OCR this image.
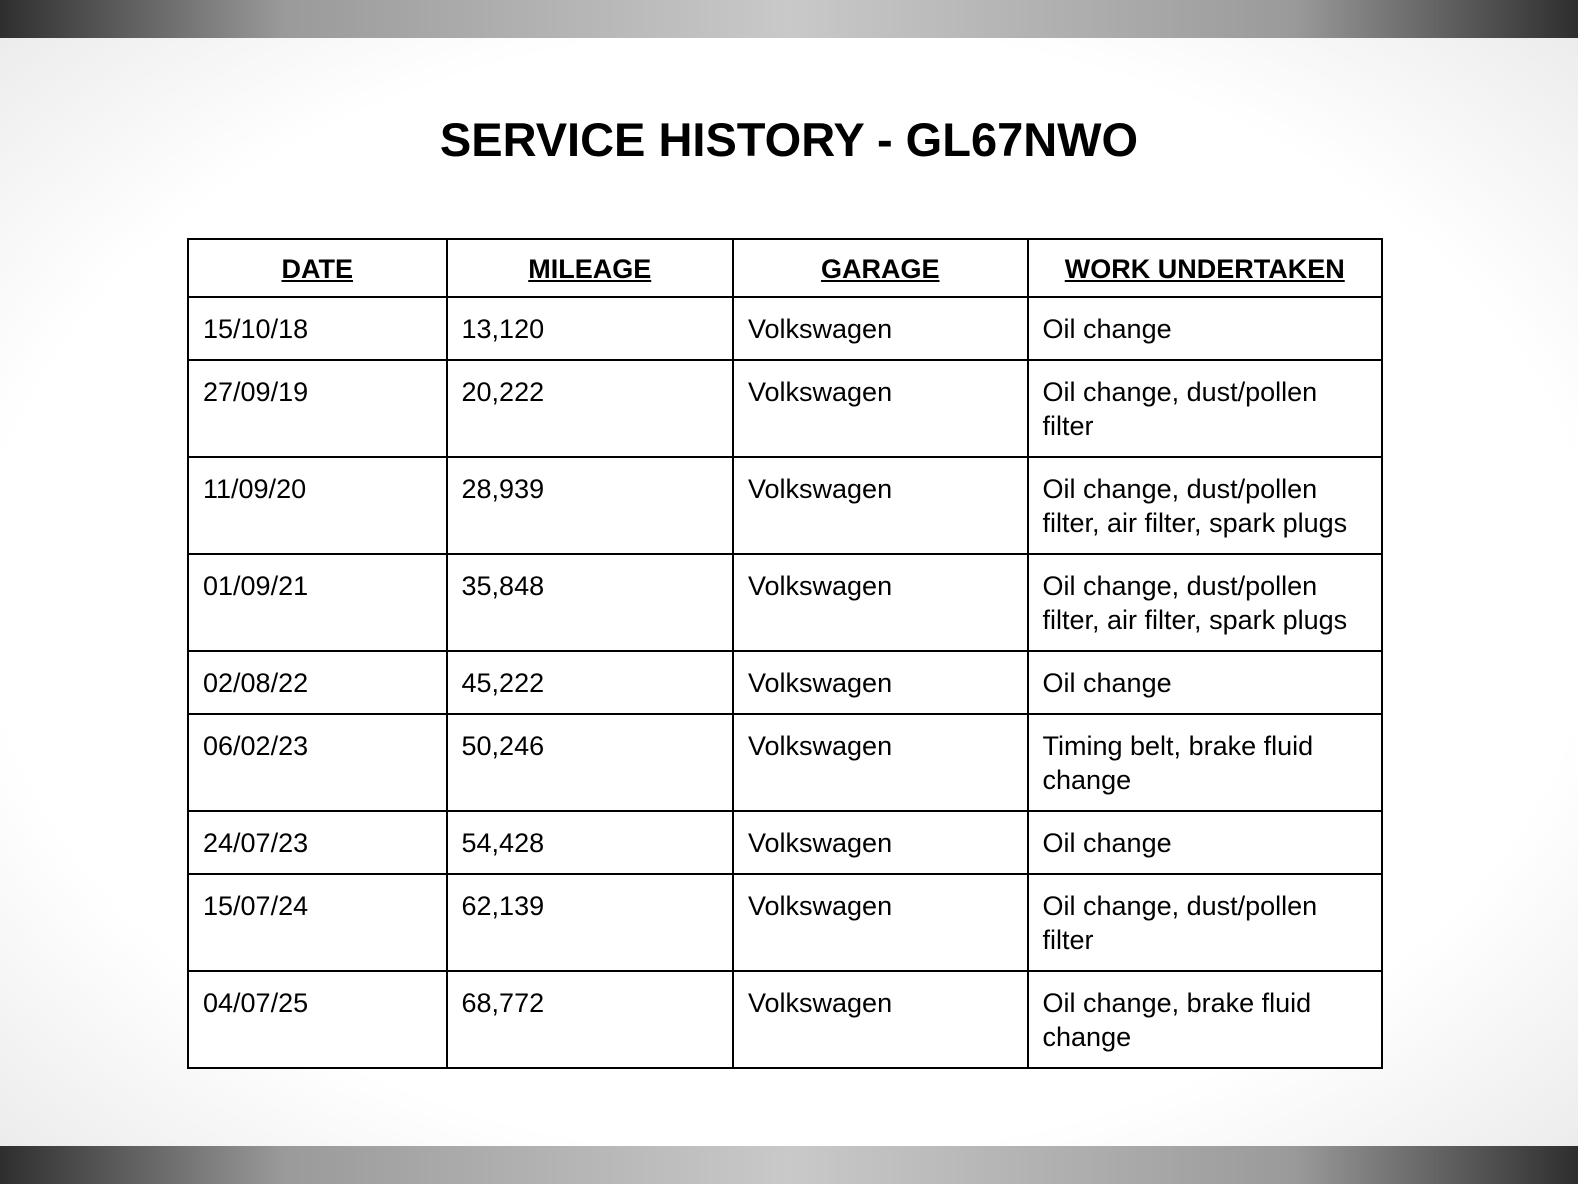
SERVICE HISTORY - GL67NWO
DATE	MILEAGE	GARAGE	WORK UNDERTAKEN
15/10/18	13,120	Volkswagen	Oil change
27/09/19	20,222	Volkswagen	Oil change, dust/pollen filter
11/09/20	28,939	Volkswagen	Oil change, dust/pollen filter, air filter, spark plugs
01/09/21	35,848	Volkswagen	Oil change, dust/pollen filter, air filter, spark plugs
02/08/22	45,222	Volkswagen	Oil change
06/02/23	50,246	Volkswagen	Timing belt, brake fluid change
24/07/23	54,428	Volkswagen	Oil change
15/07/24	62,139	Volkswagen	Oil change, dust/pollen filter
04/07/25	68,772	Volkswagen	Oil change, brake fluid change
